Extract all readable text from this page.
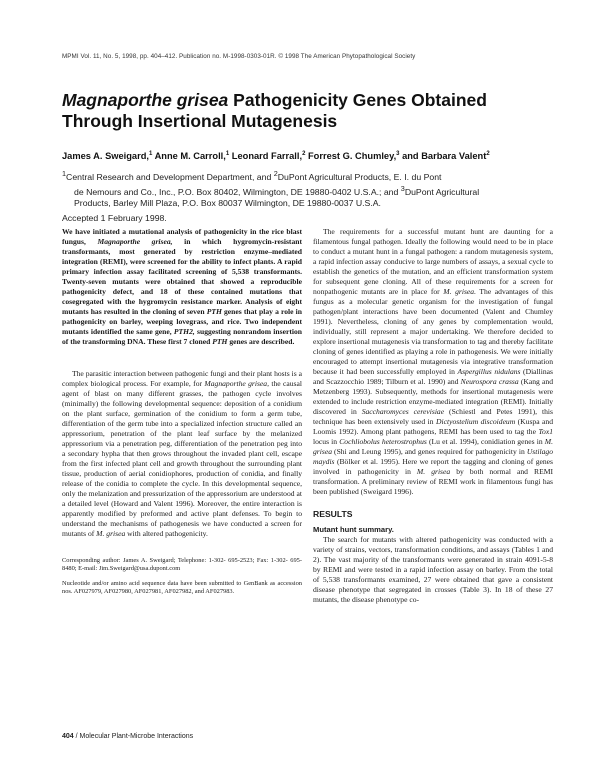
MPMI Vol. 11, No. 5, 1998, pp. 404–412. Publication no. M-1998-0303-01R. © 1998 The American Phytopathological Society
Magnaporthe grisea Pathogenicity Genes Obtained Through Insertional Mutagenesis
James A. Sweigard,$^1$ Anne M. Carroll,$^1$ Leonard Farrall,$^2$ Forrest G. Chumley,$^3$ and Barbara Valent$^2$
$^1$Central Research and Development Department, and $^2$DuPont Agricultural Products, E. I. du Pont
de Nemours and Co., Inc., P.O. Box 80402, Wilmington, DE 19880-0402 U.S.A.; and $^3$DuPont Agricultural
Products, Barley Mill Plaza, P.O. Box 80037 Wilmington, DE 19880-0037 U.S.A.
Accepted 1 February 1998.

We have initiated a mutational analysis of pathogenicity in the rice blast fungus, Magnaporthe grisea, in which hygromycin-resistant transformants, most generated by restriction enzyme–mediated integration (REMI), were screened for the ability to infect plants. A rapid primary infection assay facilitated screening of 5,538 transformants. Twenty-seven mutants were obtained that showed a reproducible pathogenicity defect, and 18 of these contained mutations that cosegregated with the hygromycin resistance marker. Analysis of eight mutants has resulted in the cloning of seven PTH genes that play a role in pathogenicity on barley, weeping lovegrass, and rice. Two independent mutants identified the same gene, PTH2, suggesting nonrandom insertion of the transforming DNA. These first 7 cloned PTH genes are described.

The parasitic interaction between pathogenic fungi and their plant hosts is a complex biological process. For example, for Magnaporthe grisea, the causal agent of blast on many different grasses, the pathogen cycle involves (minimally) the following developmental sequence: deposition of a conidium on the plant surface, germination of the conidium to form a germ tube, differentiation of the germ tube into a specialized infection structure called an appressorium, penetration of the plant leaf surface by the melanized appressorium via a penetration peg, differentiation of the penetration peg into a secondary hypha that then grows throughout the invaded plant cell, escape from the first infected plant cell and growth throughout the surrounding plant tissue, production of aerial conidiophores, production of conidia, and finally release of the conidia to complete the cycle. In this developmental sequence, only the melanization and pressurization of the appressorium are understood at a detailed level (Howard and Valent 1996). Moreover, the entire interaction is apparently modified by preformed and active plant defenses. To begin to understand the mechanisms of pathogenesis we have conducted a screen for mutants of M. grisea with altered pathogenicity.

Corresponding author: James A. Sweigard; Telephone: 1-302- 695-2523; Fax: 1-302- 695-8480; E-mail: Jim.Sweigard@usa.dupont.com

Nucleotide and/or amino acid sequence data have been submitted to GenBank as accession nos. AF027979, AF027980, AF027981, AF027982, and AF027983.

The requirements for a successful mutant hunt are daunting for a filamentous fungal pathogen. Ideally the following would need to be in place to conduct a mutant hunt in a fungal pathogen: a random mutagenesis system, a rapid infection assay conducive to large numbers of assays, a sexual cycle to establish the genetics of the mutation, and an efficient transformation system for subsequent gene cloning. All of these requirements for a screen for nonpathogenic mutants are in place for M. grisea. The advantages of this fungus as a molecular genetic organism for the investigation of fungal pathogen/plant interactions have been documented (Valent and Chumley 1991). Nevertheless, cloning of any genes by complementation would, individually, still represent a major undertaking. We therefore decided to explore insertional mutagenesis via transformation to tag and thereby facilitate cloning of genes identified as playing a role in pathogenesis. We were initially encouraged to attempt insertional mutagenesis via integrative transformation because it had been successfully employed in Aspergillus nidulans (Diallinas and Scazzocchio 1989; Tilburn et al. 1990) and Neurospora crassa (Kang and Metzenberg 1993). Subsequently, methods for insertional mutagenesis were extended to include restriction enzyme-mediated integration (REMI). Initially discovered in Saccharomyces cerevisiae (Schiestl and Petes 1991), this technique has been extensively used in Dictyostelium discoideum (Kuspa and Loomis 1992). Among plant pathogens, REMI has been used to tag the Tox1 locus in Cochliobolus heterostrophus (Lu et al. 1994), conidiation genes in M. grisea (Shi and Leung 1995), and genes required for pathogenicity in Ustilago maydis (Bölker et al. 1995). Here we report the tagging and cloning of genes involved in pathogenicity in M. grisea by both normal and REMI transformation. A preliminary review of REMI work in filamentous fungi has been published (Sweigard 1996).

RESULTS

Mutant hunt summary.

The search for mutants with altered pathogenicity was conducted with a variety of strains, vectors, transformation conditions, and assays (Tables 1 and 2). The vast majority of the transformants were generated in strain 4091-5-8 by REMI and were tested in a rapid infection assay on barley. From the total of 5,538 transformants examined, 27 were obtained that gave a consistent disease phenotype that segregated in crosses (Table 3). In 18 of these 27 mutants, the disease phenotype co-

404 / Molecular Plant-Microbe Interactions
